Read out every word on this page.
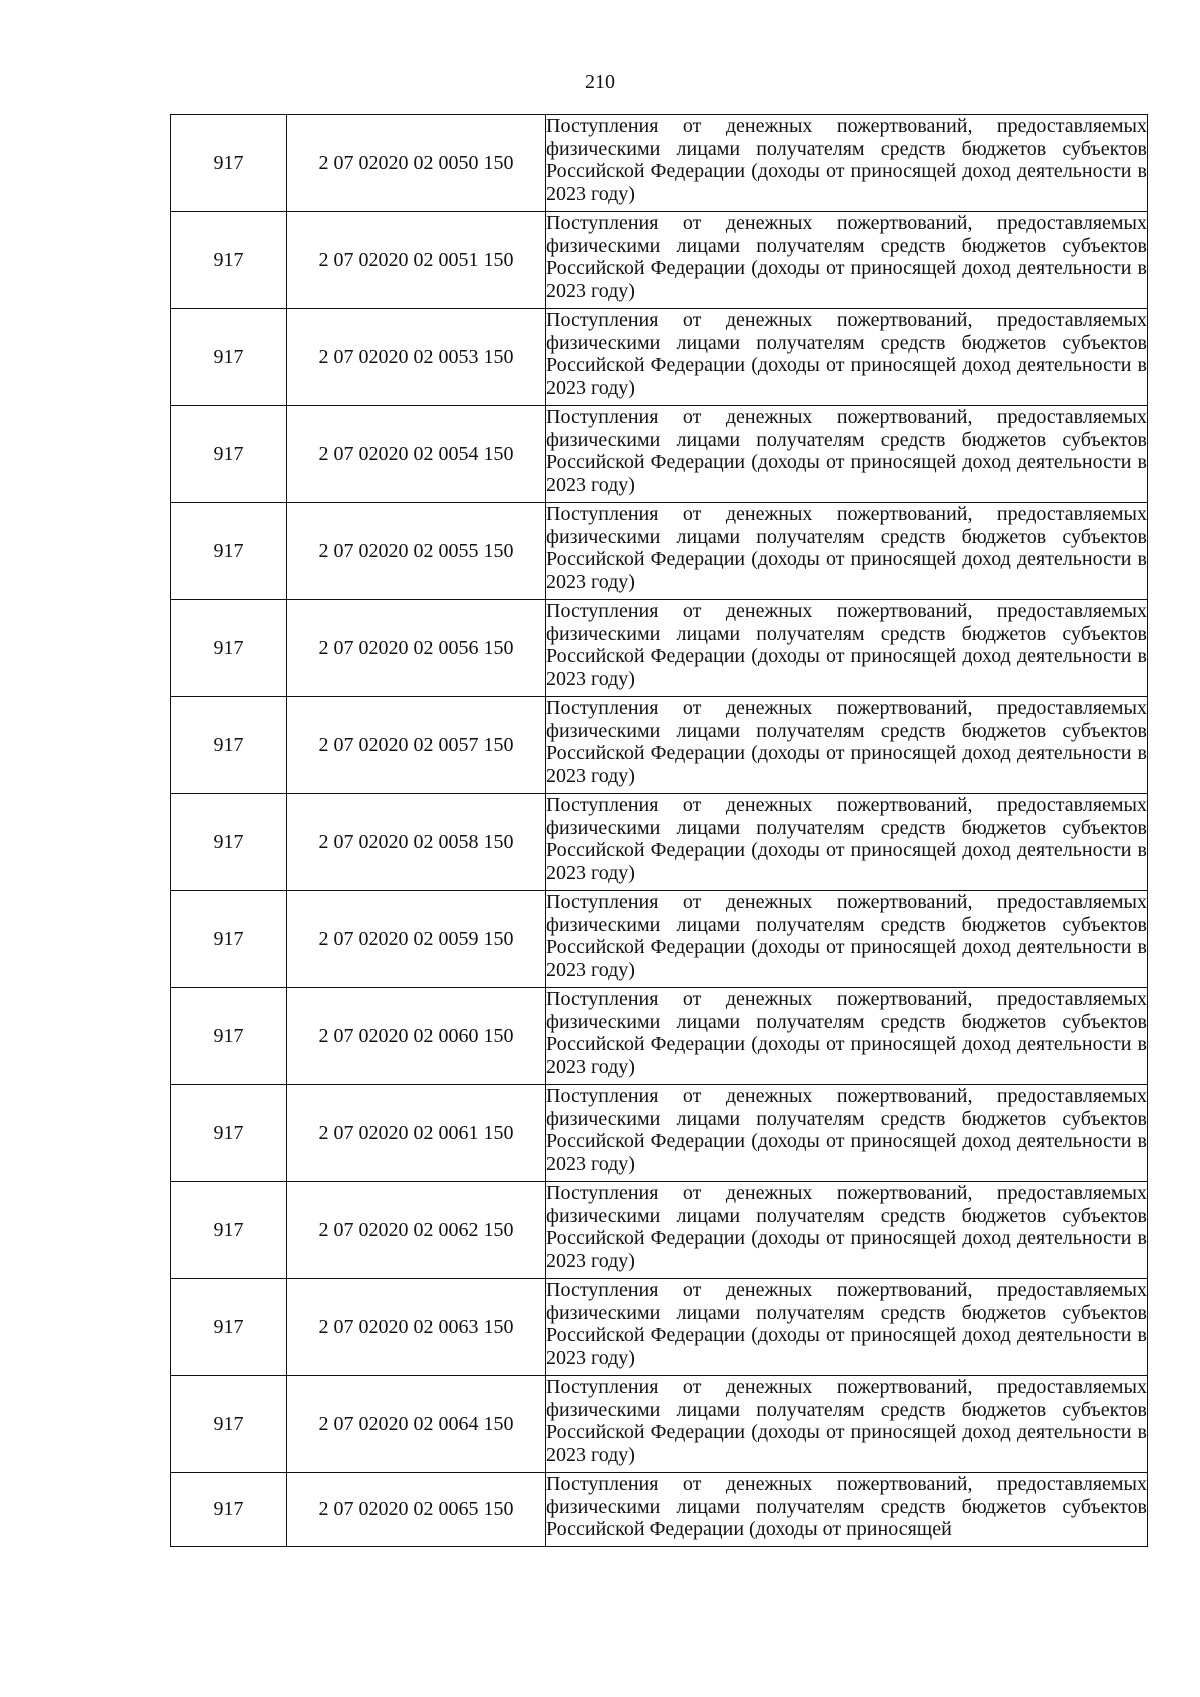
210
917	2 07 02020 02 0050 150	Поступления от денежных пожертвований, предоставляемых физическими лицами получателям средств бюджетов субъектов Российской Федерации (доходы от приносящей доход деятельности в 2023 году)
917	2 07 02020 02 0051 150	Поступления от денежных пожертвований, предоставляемых физическими лицами получателям средств бюджетов субъектов Российской Федерации (доходы от приносящей доход деятельности в 2023 году)
917	2 07 02020 02 0053 150	Поступления от денежных пожертвований, предоставляемых физическими лицами получателям средств бюджетов субъектов Российской Федерации (доходы от приносящей доход деятельности в 2023 году)
917	2 07 02020 02 0054 150	Поступления от денежных пожертвований, предоставляемых физическими лицами получателям средств бюджетов субъектов Российской Федерации (доходы от приносящей доход деятельности в 2023 году)
917	2 07 02020 02 0055 150	Поступления от денежных пожертвований, предоставляемых физическими лицами получателям средств бюджетов субъектов Российской Федерации (доходы от приносящей доход деятельности в 2023 году)
917	2 07 02020 02 0056 150	Поступления от денежных пожертвований, предоставляемых физическими лицами получателям средств бюджетов субъектов Российской Федерации (доходы от приносящей доход деятельности в 2023 году)
917	2 07 02020 02 0057 150	Поступления от денежных пожертвований, предоставляемых физическими лицами получателям средств бюджетов субъектов Российской Федерации (доходы от приносящей доход деятельности в 2023 году)
917	2 07 02020 02 0058 150	Поступления от денежных пожертвований, предоставляемых физическими лицами получателям средств бюджетов субъектов Российской Федерации (доходы от приносящей доход деятельности в 2023 году)
917	2 07 02020 02 0059 150	Поступления от денежных пожертвований, предоставляемых физическими лицами получателям средств бюджетов субъектов Российской Федерации (доходы от приносящей доход деятельности в 2023 году)
917	2 07 02020 02 0060 150	Поступления от денежных пожертвований, предоставляемых физическими лицами получателям средств бюджетов субъектов Российской Федерации (доходы от приносящей доход деятельности в 2023 году)
917	2 07 02020 02 0061 150	Поступления от денежных пожертвований, предоставляемых физическими лицами получателям средств бюджетов субъектов Российской Федерации (доходы от приносящей доход деятельности в 2023 году)
917	2 07 02020 02 0062 150	Поступления от денежных пожертвований, предоставляемых физическими лицами получателям средств бюджетов субъектов Российской Федерации (доходы от приносящей доход деятельности в 2023 году)
917	2 07 02020 02 0063 150	Поступления от денежных пожертвований, предоставляемых физическими лицами получателям средств бюджетов субъектов Российской Федерации (доходы от приносящей доход деятельности в 2023 году)
917	2 07 02020 02 0064 150	Поступления от денежных пожертвований, предоставляемых физическими лицами получателям средств бюджетов субъектов Российской Федерации (доходы от приносящей доход деятельности в 2023 году)
917	2 07 02020 02 0065 150	Поступления от денежных пожертвований, предоставляемых физическими лицами получателям средств бюджетов субъектов Российской Федерации (доходы от приносящей
